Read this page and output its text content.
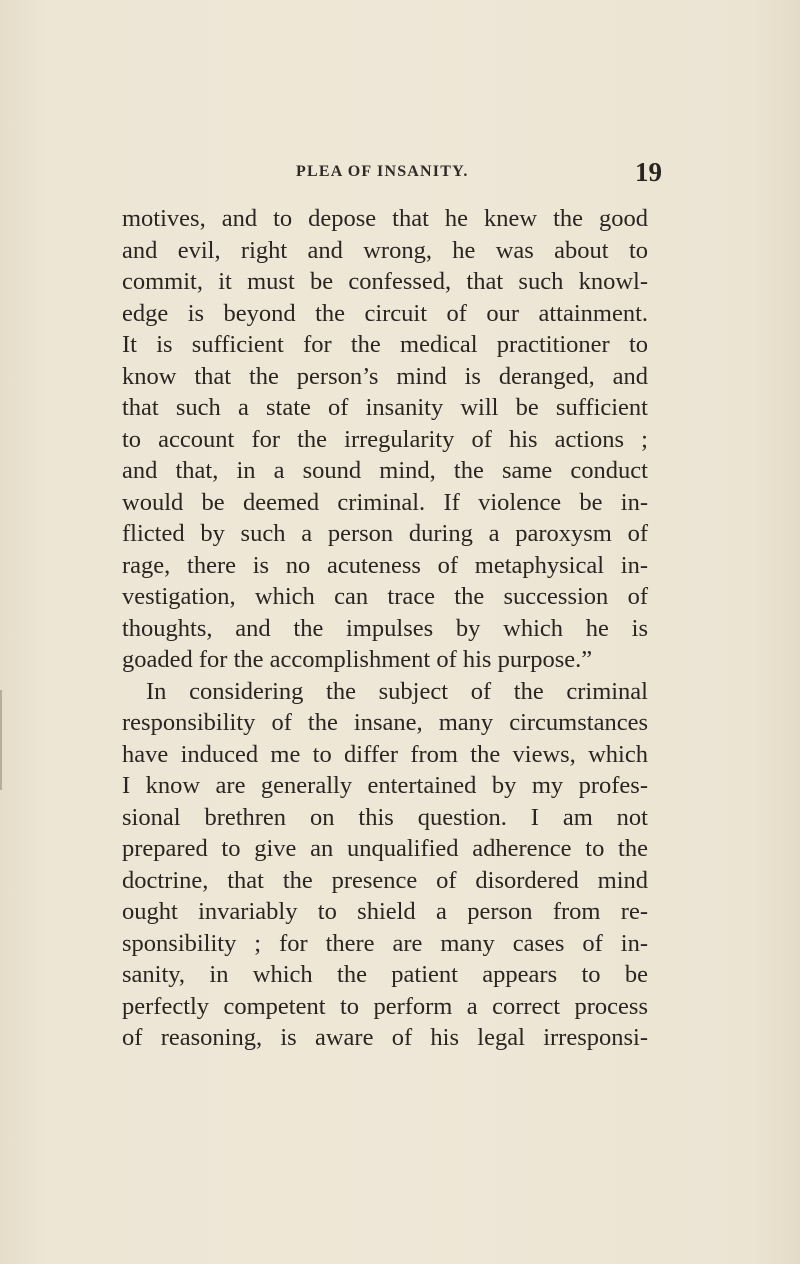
PLEA OF INSANITY.	19
motives, and to depose that he knew the good
and evil, right and wrong, he was about to
commit, it must be confessed, that such knowl-
edge is beyond the circuit of our attainment.
It is sufficient for the medical practitioner to
know that the person’s mind is deranged, and
that such a state of insanity will be sufficient
to account for the irregularity of his actions ;
and that, in a sound mind, the same conduct
would be deemed criminal. If violence be in-
flicted by such a person during a paroxysm of
rage, there is no acuteness of metaphysical in-
vestigation, which can trace the succession of
thoughts, and the impulses by which he is
goaded for the accomplishment of his purpose.”
In considering the subject of the criminal
responsibility of the insane, many circumstances
have induced me to differ from the views, which
I know are generally entertained by my profes-
sional brethren on this question. I am not
prepared to give an unqualified adherence to the
doctrine, that the presence of disordered mind
ought invariably to shield a person from re-
sponsibility ; for there are many cases of in-
sanity, in which the patient appears to be
perfectly competent to perform a correct process
of reasoning, is aware of his legal irresponsi-
